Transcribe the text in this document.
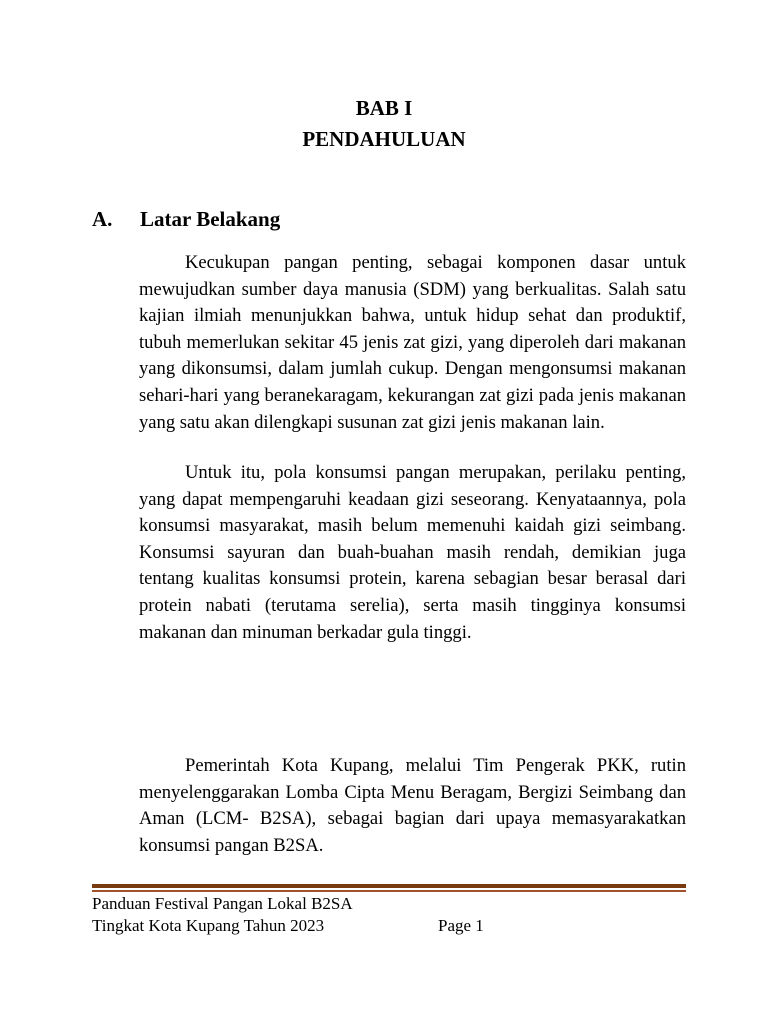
BAB I
PENDAHULUAN
A. Latar Belakang

Kecukupan pangan penting, sebagai komponen dasar untuk mewujudkan sumber daya manusia (SDM) yang berkualitas. Salah satu kajian ilmiah menunjukkan bahwa, untuk hidup sehat dan produktif, tubuh memerlukan sekitar 45 jenis zat gizi, yang diperoleh dari makanan yang dikonsumsi, dalam jumlah cukup. Dengan mengonsumsi makanan sehari-hari yang beranekaragam, kekurangan zat gizi pada jenis makanan yang satu akan dilengkapi susunan zat gizi jenis makanan lain.

Untuk itu, pola konsumsi pangan merupakan, perilaku penting, yang dapat mempengaruhi keadaan gizi seseorang. Kenyataannya, pola konsumsi masyarakat, masih belum memenuhi kaidah gizi seimbang. Konsumsi sayuran dan buah-buahan masih rendah, demikian juga tentang kualitas konsumsi protein, karena sebagian besar berasal dari protein nabati (terutama serelia), serta masih tingginya konsumsi makanan dan minuman berkadar gula tinggi.

Pemerintah Kota Kupang, melalui Tim Pengerak PKK, rutin menyelenggarakan Lomba Cipta Menu Beragam, Bergizi Seimbang dan Aman (LCM- B2SA), sebagai bagian dari upaya memasyarakatkan konsumsi pangan B2SA.

Panduan Festival Pangan Lokal B2SA

Tingkat Kota Kupang Tahun 2023	Page 1
